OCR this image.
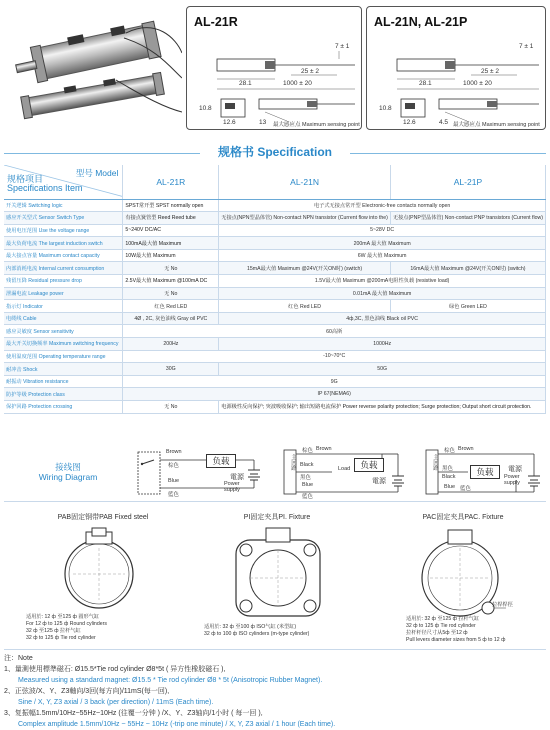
AL-21R
7 ± 1
25 ± 2
28.1	1000 ± 20
10.8
12.6	13 最大感应点 Maximum sensing point
AL-21N, AL-21P
7 ± 1
25 ± 2
28.1	1000 ± 20
10.8
12.6	4.5 最大感应点 Maximum sensing point
规格书 Specification
型号 Model
规格项目
Specifications Item	AL-21R	AL-21N	AL-21P
开关逻辑 Switching logic	SPST常开型 SPST normally open	电子式无接点常开型 Electronic-free contacts normally open	
感应开关型式 Sensor Switch Type	有接点簧管型 Reed Reed tube	无接点(NPN型晶体管) Non-contact NPN transistor (Current flow into the)	无接点(PNP型晶体管) Non-contact PNP transistors (Current flow)
使用电压范围 Use the voltage range	5~240V DC/AC	5~28V DC	
最大负荷电流 The largest induction switch	100mA最大值 Maximum	200mA 最大值 Maximum	
最大接点容量 Maximum contact capacity	10W最大值 Maximum	6W 最大值 Maximum	
内部消耗电流 Internal current consumption	无 No	15mA最大值 Maximum @24V(开关ON时) (switch)	16mA最大值 Maximum @24V(开关ON时) (switch)
残留压降 Residual pressure drop	2.5V最大值 Maximum @100mA DC	1.5V最大值 Maximum @200mA电阻性负载 (resistive load)	
泄漏电流 Leakage power	无 No	0.01mA 最大值 Maximum	
指示灯 Indicator	红色 Red LED	红色 Red LED	绿色 Green LED
电缆线 Cable	4Ø , 2C, 灰色油线 Gray oil PVC	4ф,3C, 黑色油线 Black oil PVC	
感应灵敏度 Sensor sensitivity	60高斯		
最大开关切换频率 Maximum switching frequency	200Hz	1000Hz	
使用温度范围 Operating temperature range	-10~70°C		
耐冲击 Shock	30G	50G	
耐振动 Vibration resistance	9G		
防护等级 Protection class	IP 67(NEMA6)		
保护回路 Protection crossing	无 No	电源极性反向保护; 突波吸收保护; 输出短路电流保护 Power reverse polarity protection; Surge protection; Output short circuit protection.	
接线图
Wiring Diagram
负载
Brown
棕色
Blue
藍色
電源
Power supply
主回路	负载
棕色 Brown
Black
黑色
Load
Blue
藍色
電源
主回路
负载
棕色 Brown
黑色
Black
Blue 藍色
電源
Power supply
PAB固定钢带PAB Fixed steel
适用於: 12 ф 至125 ф 圆形气缸
For 12 ф to 125 ф Round cylinders
32 ф 至125 ф 拉杆气缸
32 ф to 125 ф Tie rod cylinder
PI固定夹具PI. Fixture
适用於: 32 ф 至100 ф ISO气缸 (米型缸)
32 ф to 100 ф ISO cylinders (m-type cylinder)
PAC固定夹具PAC. Fixture
拉桿桿徑
适用於: 32 ф 至125 ф 拉杆气缸
32 ф to 125 ф Tie rod cylinder
拉杆杆径尺寸从5ф 至12 ф
Pull levers diameter sizes from 5 ф to 12 ф
注：Note
1、量測使用標準磁石: Ø15.5*Tie rod cylinder Ø8*5t ( 异方性橡胶磁石 ),
Measured using a standard magnet: Ø15.5 * Tie rod cylinder Ø8 * 5t (Anisotropic Rubber Magnet).
2、正弦波/X、Y、Z3軸向/3回(每方向)/11mS(每一回),
Sine / X, Y, Z3 axial / 3 back (per direction) / 11mS (Each time).
3、复振幅1.5mm/10Hz~55Hz~10Hz (往覆一分钟 ) /X、Y、Z3轴向/1小时 ( 每一回 ),
Complex amplitude 1.5mm/10Hz ~ 55Hz ~ 10Hz (-trip one minute) / X, Y, Z3 axial / 1 hour (Each time).
